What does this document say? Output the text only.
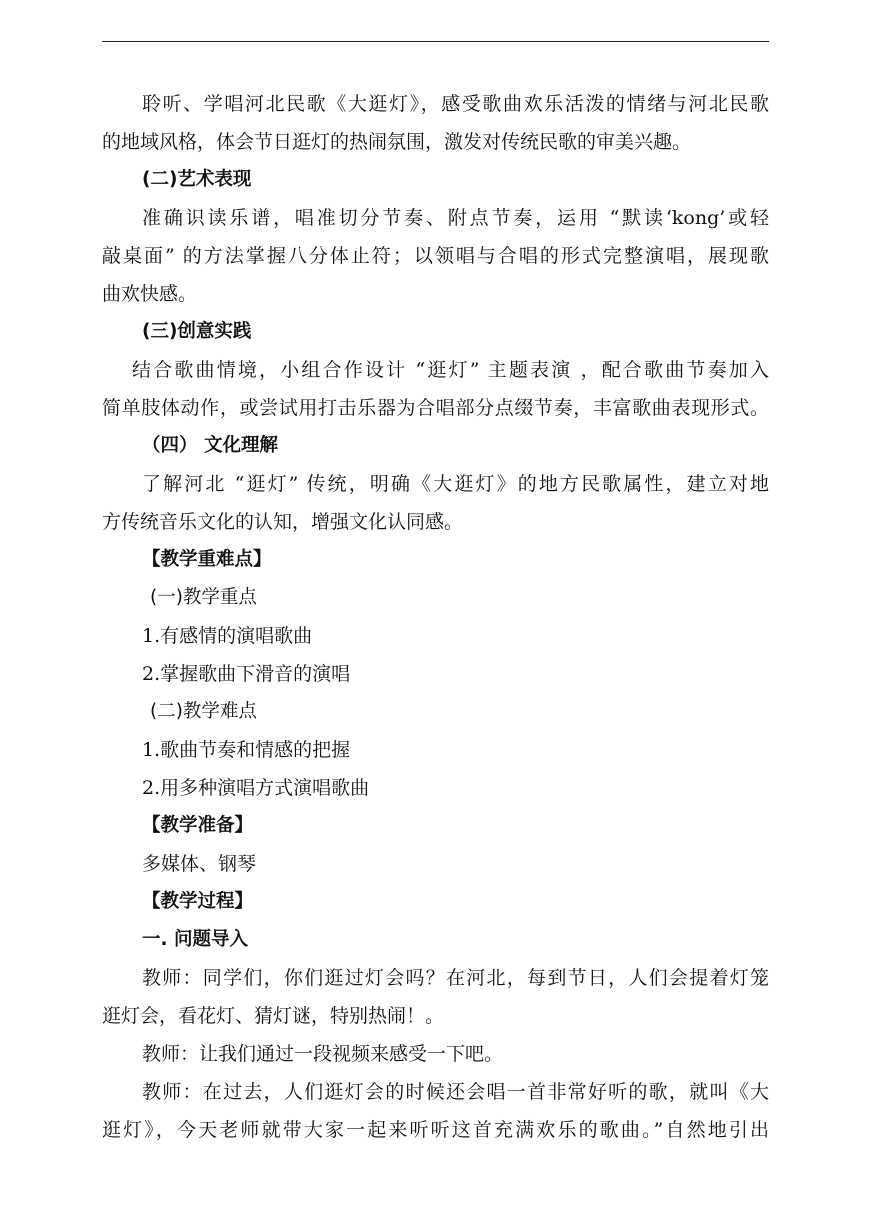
聆听、学唱河北民歌《大逛灯》，感受歌曲欢乐活泼的情绪与河北民歌
的地域风格，体会节日逛灯的热闹氛围，激发对传统民歌的审美兴趣。
(二)艺术表现
准确识读乐谱，唱准切分节奏、附点节奏，运用 “默读‘kong’或轻
敲桌面” 的方法掌握八分体止符；以领唱与合唱的形式完整演唱，展现歌
曲欢快感。
(三)创意实践
结合歌曲情境，小组合作设计 “逛灯” 主题表演 ，配合歌曲节奏加入
简单肢体动作，或尝试用打击乐器为合唱部分点缀节奏，丰富歌曲表现形式。
（四） 文化理解
了解河北 “逛灯” 传统，明确《大逛灯》的地方民歌属性，建立对地
方传统音乐文化的认知，增强文化认同感。
【教学重难点】
(一)教学重点
1.有感情的演唱歌曲
2.掌握歌曲下滑音的演唱
(二)教学难点
1.歌曲节奏和情感的把握
2.用多种演唱方式演唱歌曲
【教学准备】
多媒体、钢琴
【教学过程】
一. 问题导入
教师：同学们，你们逛过灯会吗？在河北，每到节日，人们会提着灯笼
逛灯会，看花灯、猜灯谜，特别热闹！。
教师：让我们通过一段视频来感受一下吧。
教师：在过去，人们逛灯会的时候还会唱一首非常好听的歌，就叫《大
逛灯》，今天老师就带大家一起来听听这首充满欢乐的歌曲。”自然地引出
